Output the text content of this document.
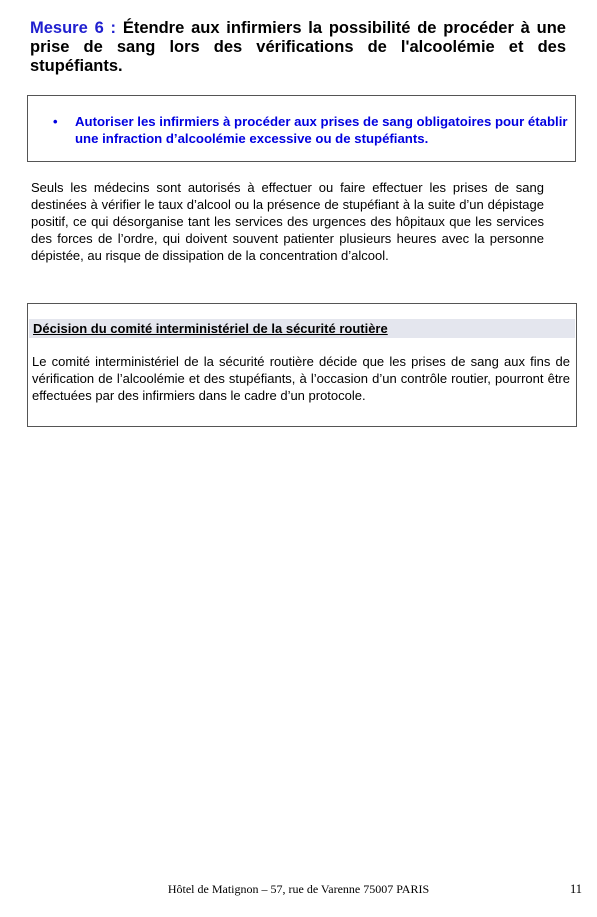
Mesure 6 : Étendre aux infirmiers la possibilité de procéder à une prise de sang lors des vérifications de l'alcoolémie et des stupéfiants.
•	Autoriser les infirmiers à procéder aux prises de sang obligatoires pour établir une infraction d’alcoolémie excessive ou de stupéfiants.

Seuls les médecins sont autorisés à effectuer ou faire effectuer les prises de sang destinées à vérifier le taux d’alcool ou la présence de stupéfiant à la suite d’un dépistage positif, ce qui désorganise tant les services des urgences des hôpitaux que les services des forces de l’ordre, qui doivent souvent patienter plusieurs heures avec la personne dépistée, au risque de dissipation de la concentration d’alcool.

Décision du comité interministériel de la sécurité routière

Le comité interministériel de la sécurité routière décide que les prises de sang aux fins de vérification de l’alcoolémie et des stupéfiants, à l’occasion d’un contrôle routier, pourront être effectuées par des infirmiers dans le cadre d’un protocole.

Hôtel de Matignon – 57, rue de Varenne 75007 PARIS	11
